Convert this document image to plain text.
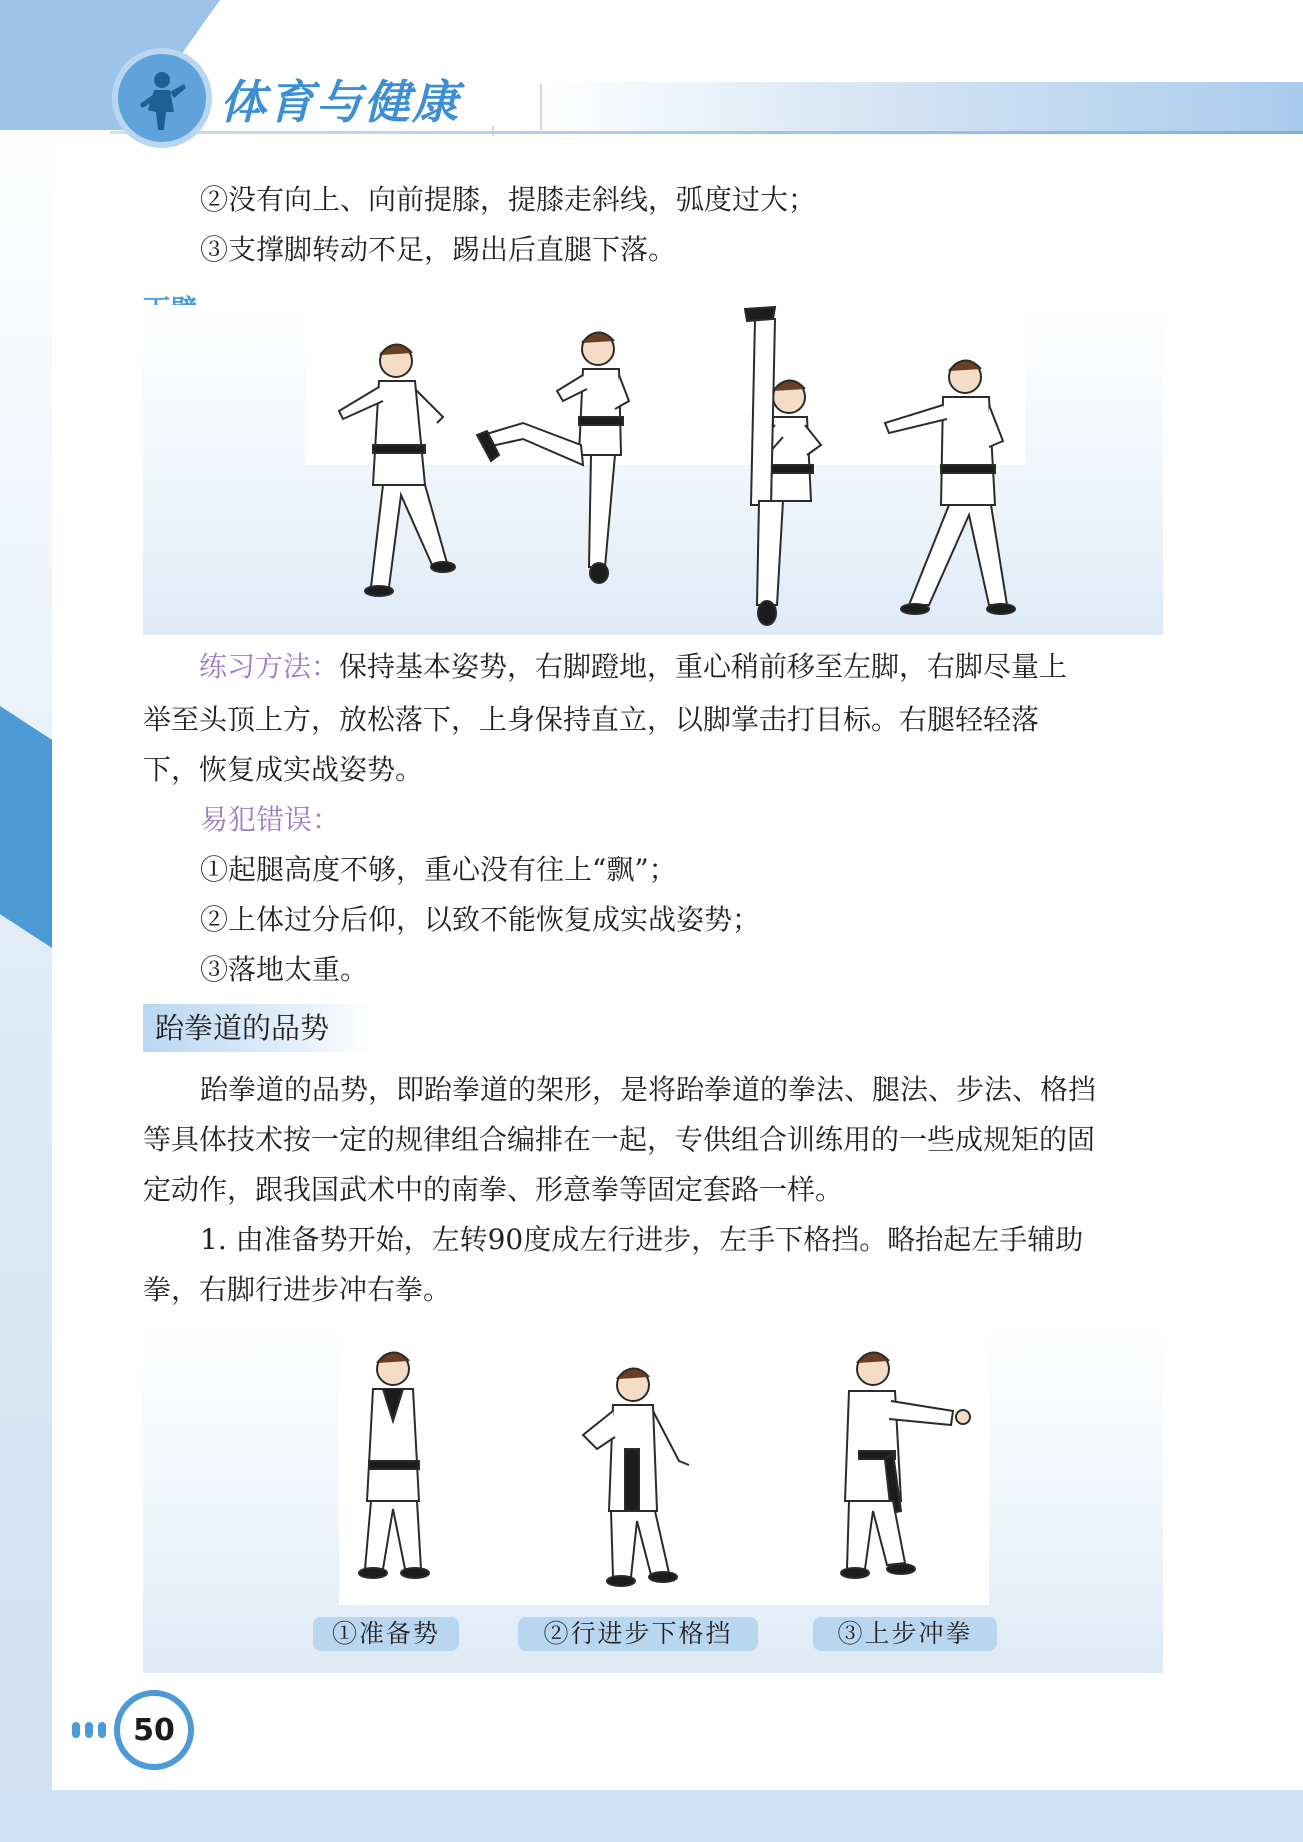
体育与健康
②没有向上、向前提膝，提膝走斜线，弧度过大；
③支撑脚转动不足，踢出后直腿下落。

练习方法：保持基本姿势，右脚蹬地，重心稍前移至左脚，右脚尽量上

举至头顶上方，放松落下，上身保持直立，以脚掌击打目标。右腿轻轻落
下，恢复成实战姿势。
易犯错误：
①起腿高度不够，重心没有往上“飘”；
②上体过分后仰，以致不能恢复成实战姿势；
③落地太重。
跆拳道的品势
跆拳道的品势，即跆拳道的架形，是将跆拳道的拳法、腿法、步法、格挡
等具体技术按一定的规律组合编排在一起，专供组合训练用的一些成规矩的固
定动作，跟我国武术中的南拳、形意拳等固定套路一样。
1. 由准备势开始，左转90度成左行进步，左手下格挡。略抬起左手辅助
拳，右脚行进步冲右拳。
①准备势	②行进步下格挡	③上步冲拳
50
